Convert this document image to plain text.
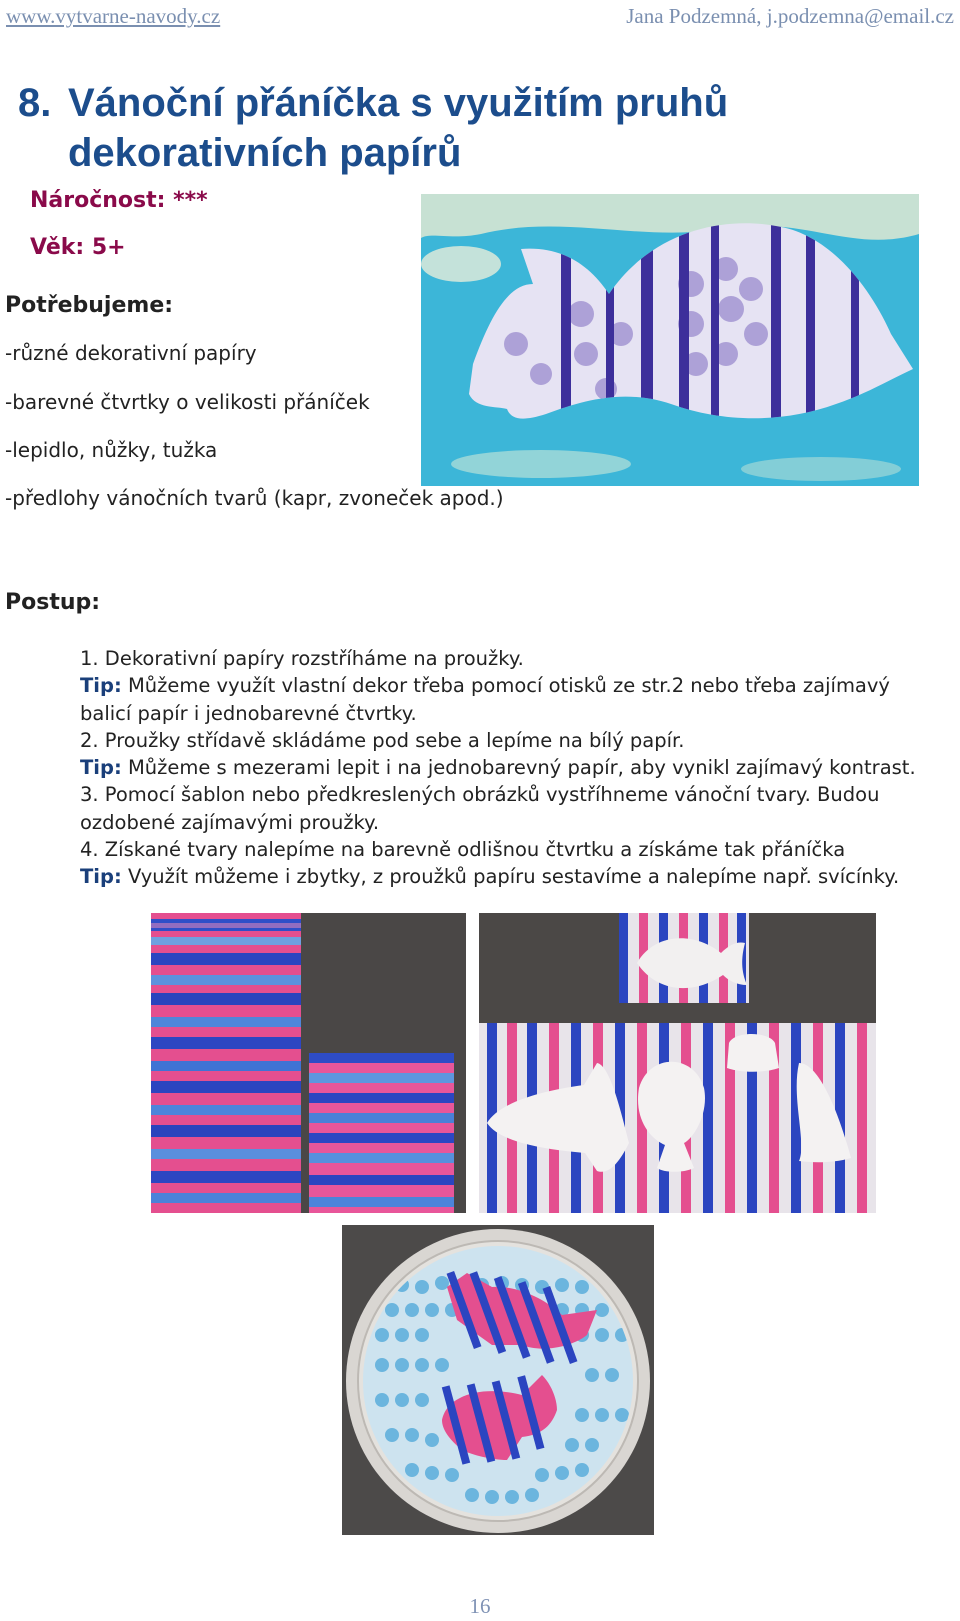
www.vytvarne-navody.cz	Jana Podzemná, j.podzemna@email.cz
8. Vánoční přáníčka s využitím pruhů
dekorativních papírů
Náročnost: ***
Věk: 5+
Potřebujeme:
-různé dekorativní papíry
-barevné čtvrtky o velikosti přáníček
-lepidlo, nůžky, tužka
-předlohy vánočních tvarů (kapr, zvoneček apod.)
Postup:
1. Dekorativní papíry rozstříháme na proužky.
Tip: Můžeme využít vlastní dekor třeba pomocí otisků ze str.2 nebo třeba zajímavý
balicí papír i jednobarevné čtvrtky.
2. Proužky střídavě skládáme pod sebe a lepíme na bílý papír.
Tip: Můžeme s mezerami lepit i na jednobarevný papír, aby vynikl zajímavý kontrast.
3. Pomocí šablon nebo předkreslených obrázků vystříhneme vánoční tvary. Budou
ozdobené zajímavými proužky.
4. Získané tvary nalepíme na barevně odlišnou čtvrtku a získáme tak přáníčka
Tip: Využít můžeme i zbytky, z proužků papíru sestavíme a nalepíme např. svícínky.
16
